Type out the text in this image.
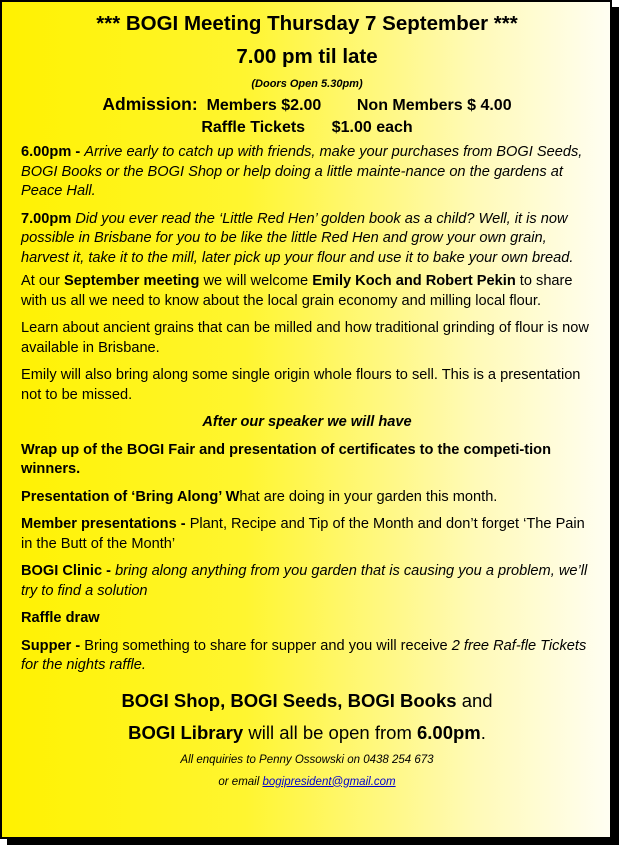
*** BOGI Meeting Thursday 7 September ***

7.00 pm til late

(Doors Open 5.30pm)

Admission: Members $2.00 Non Members $ 4.00

Raffle Tickets $1.00 each

6.00pm - Arrive early to catch up with friends, make your purchases from BOGI Seeds, BOGI Books or the BOGI Shop or help doing a little mainte-nance on the gardens at Peace Hall.

7.00pm Did you ever read the ‘Little Red Hen’ golden book as a child? Well, it is now possible in Brisbane for you to be like the little Red Hen and grow your own grain, harvest it, take it to the mill, later pick up your flour and use it to bake your own bread.

At our September meeting we will welcome Emily Koch and Robert Pekin to share with us all we need to know about the local grain economy and milling local flour.

Learn about ancient grains that can be milled and how traditional grinding of flour is now available in Brisbane.

Emily will also bring along some single origin whole flours to sell. This is a presentation not to be missed.

After our speaker we will have

Wrap up of the BOGI Fair and presentation of certificates to the competi-tion winners.

Presentation of ‘Bring Along’ What are doing in your garden this month.

Member presentations - Plant, Recipe and Tip of the Month and don’t forget ‘The Pain in the Butt of the Month’

BOGI Clinic - bring along anything from you garden that is causing you a problem, we’ll try to find a solution

Raffle draw

Supper - Bring something to share for supper and you will receive 2 free Raf-fle Tickets for the nights raffle.

BOGI Shop, BOGI Seeds, BOGI Books and

BOGI Library will all be open from 6.00pm.

All enquiries to Penny Ossowski on 0438 254 673

or email bogipresident@gmail.com
